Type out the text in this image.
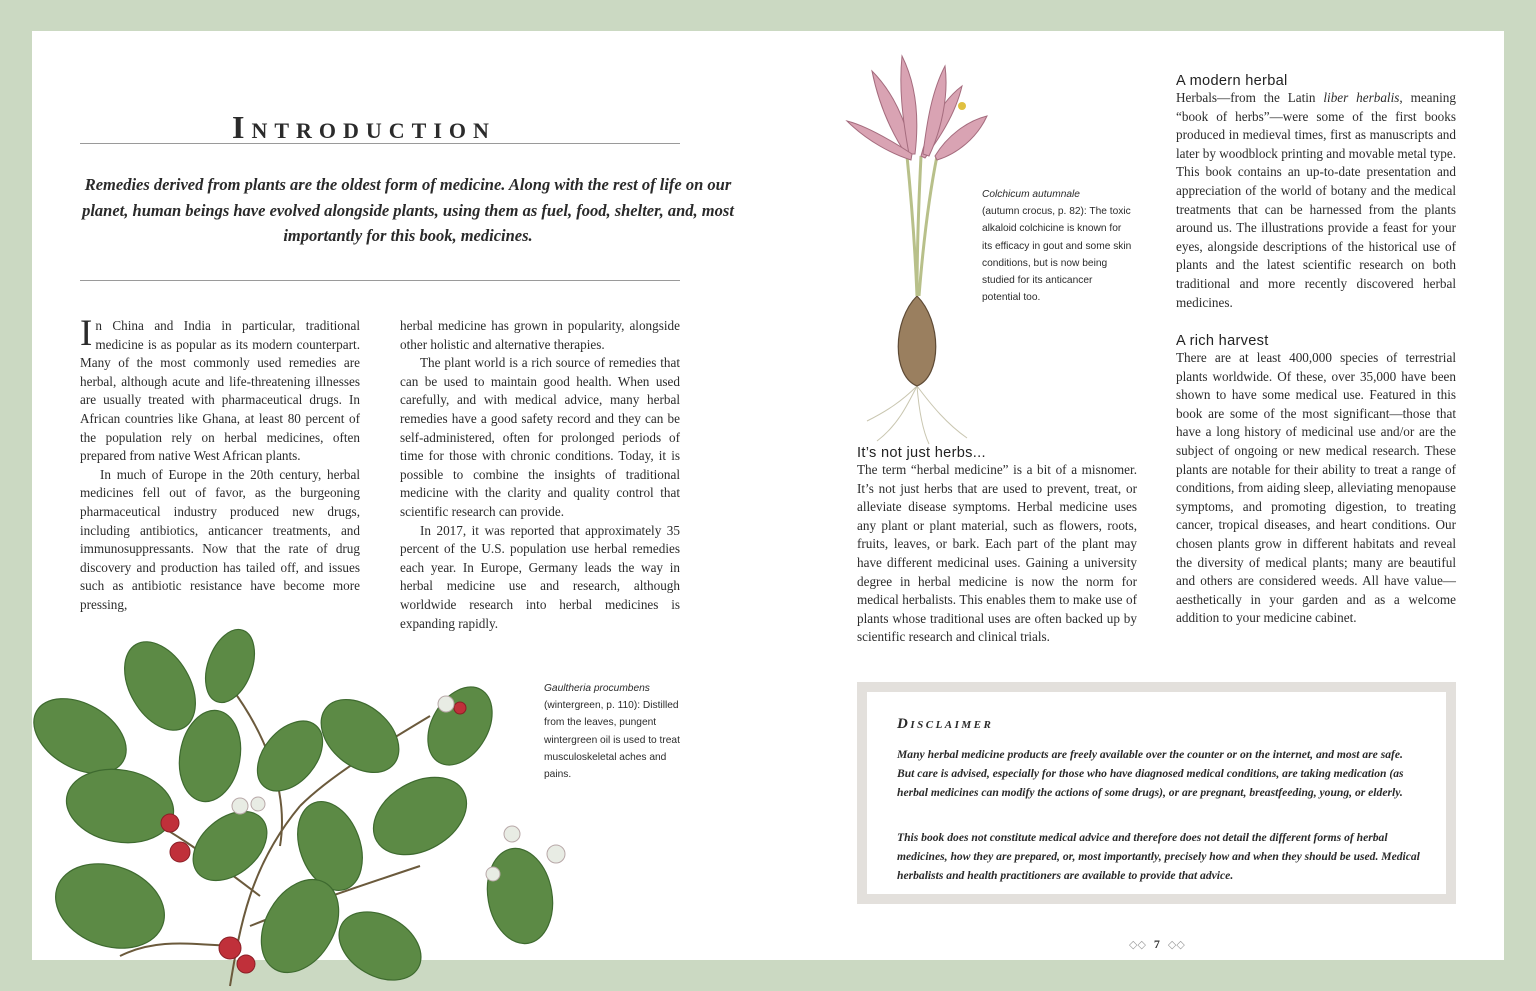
Introduction
Remedies derived from plants are the oldest form of medicine. Along with the rest of life on our planet, human beings have evolved alongside plants, using them as fuel, food, shelter, and, most importantly for this book, medicines.

In China and India in particular, traditional medicine is as popular as its modern counterpart. Many of the most commonly used remedies are herbal, although acute and life-threatening illnesses are usually treated with pharmaceutical drugs. In African countries like Ghana, at least 80 percent of the population rely on herbal medicines, often prepared from native West African plants.

In much of Europe in the 20th century, herbal medicines fell out of favor, as the burgeoning pharmaceutical industry produced new drugs, including antibiotics, anticancer treatments, and immunosuppressants. Now that the rate of drug discovery and production has tailed off, and issues such as antibiotic resistance have become more pressing,

herbal medicine has grown in popularity, alongside other holistic and alternative therapies.

The plant world is a rich source of remedies that can be used to maintain good health. When used carefully, and with medical advice, many herbal remedies have a good safety record and they can be self-administered, often for prolonged periods of time for those with chronic conditions. Today, it is possible to combine the insights of traditional medicine with the clarity and quality control that scientific research can provide.

In 2017, it was reported that approximately 35 percent of the U.S. population use herbal remedies each year. In Europe, Germany leads the way in herbal medicine use and research, although worldwide research into herbal medicines is expanding rapidly.

Gaultheria procumbens
(wintergreen, p. 110): Distilled from the leaves, pungent wintergreen oil is used to treat musculoskeletal aches and pains.
Colchicum autumnale
(autumn crocus, p. 82): The toxic alkaloid colchicine is known for its efficacy in gout and some skin conditions, but is now being studied for its anticancer potential too.
It’s not just herbs...

The term “herbal medicine” is a bit of a misnomer. It’s not just herbs that are used to prevent, treat, or alleviate disease symptoms. Herbal medicine uses any plant or plant material, such as flowers, roots, fruits, leaves, or bark. Each part of the plant may have different medicinal uses. Gaining a university degree in herbal medicine is now the norm for medical herbalists. This enables them to make use of plants whose traditional uses are often backed up by scientific research and clinical trials.

A modern herbal

Herbals—from the Latin liber herbalis, meaning “book of herbs”—were some of the first books produced in medieval times, first as manuscripts and later by woodblock printing and movable metal type. This book contains an up-to-date presentation and appreciation of the world of botany and the medical treatments that can be harnessed from the plants around us. The illustrations provide a feast for your eyes, alongside descriptions of the historical use of plants and the latest scientific research on both traditional and more recently discovered herbal medicines.

A rich harvest

There are at least 400,000 species of terrestrial plants worldwide. Of these, over 35,000 have been shown to have some medical use. Featured in this book are some of the most significant—those that have a long history of medicinal use and/or are the subject of ongoing or new medical research. These plants are notable for their ability to treat a range of conditions, from aiding sleep, alleviating menopause symptoms, and promoting digestion, to treating cancer, tropical diseases, and heart conditions. Our chosen plants grow in different habitats and reveal the diversity of medical plants; many are beautiful and others are considered weeds. All have value—aesthetically in your garden and as a welcome addition to your medicine cabinet.

Disclaimer
Many herbal medicine products are freely available over the counter or on the internet, and most are safe. But care is advised, especially for those who have diagnosed medical conditions, are taking medication (as herbal medicines can modify the actions of some drugs), or are pregnant, breastfeeding, young, or elderly.
This book does not constitute medical advice and therefore does not detail the different forms of herbal medicines, how they are prepared, or, most importantly, precisely how and when they should be used. Medical herbalists and health practitioners are available to provide that advice.
◇◇ 7 ◇◇
